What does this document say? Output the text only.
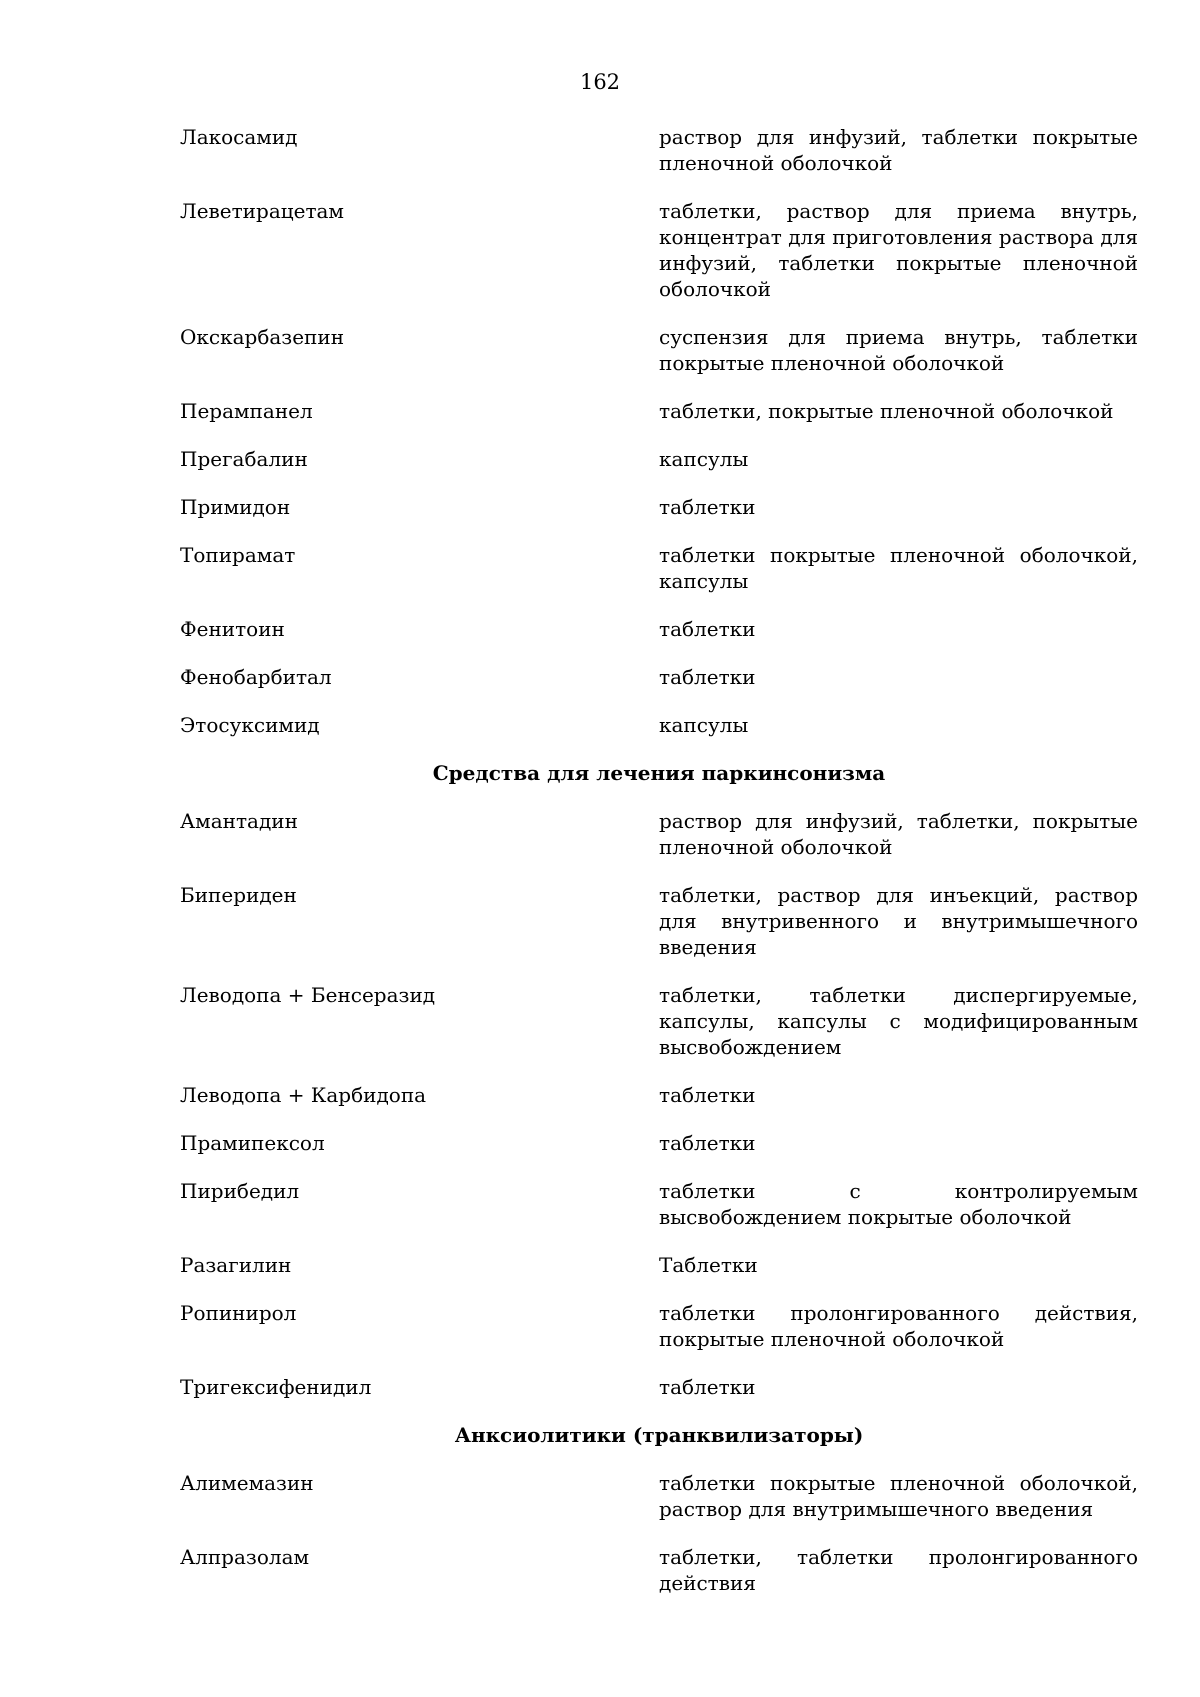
162
Лакосамид	раствор для инфузий, таблетки покрытые пленочной оболочкой
Леветирацетам	таблетки, раствор для приема внутрь, концентрат для приготовления раствора для инфузий, таблетки покрытые пленочной оболочкой
Окскарбазепин	суспензия для приема внутрь, таблетки покрытые пленочной оболочкой
Перампанел	таблетки, покрытые пленочной оболочкой
Прегабалин	капсулы
Примидон	таблетки
Топирамат	таблетки покрытые пленочной оболочкой, капсулы
Фенитоин	таблетки
Фенобарбитал	таблетки
Этосуксимид	капсулы
Средства для лечения паркинсонизма
Амантадин	раствор для инфузий, таблетки, покрытые пленочной оболочкой
Бипериден	таблетки, раствор для инъекций, раствор для внутривенного и внутримышечного введения
Леводопа + Бенсеразид	таблетки, таблетки диспергируемые, капсулы, капсулы с модифицированным высвобождением
Леводопа + Карбидопа	таблетки
Прамипексол	таблетки
Пирибедил	таблетки с контролируемым высвобождением покрытые оболочкой
Разагилин	Таблетки
Ропинирол	таблетки пролонгированного действия, покрытые пленочной оболочкой
Тригексифенидил	таблетки
Анксиолитики (транквилизаторы)
Алимемазин	таблетки покрытые пленочной оболочкой, раствор для внутримышечного введения
Алпразолам	таблетки, таблетки пролонгированного действия
